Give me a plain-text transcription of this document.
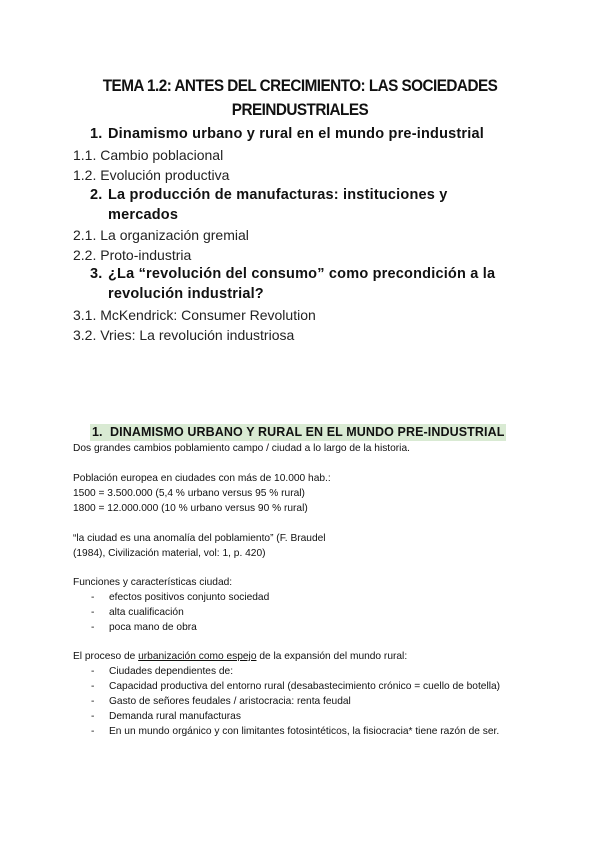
TEMA 1.2: ANTES DEL CRECIMIENTO: LAS SOCIEDADES
PREINDUSTRIALES
1. Dinamismo urbano y rural en el mundo pre-industrial
1.1. Cambio poblacional
1.2. Evolución productiva
2. La producción de manufacturas: instituciones y
mercados
2.1. La organización gremial
2.2. Proto-industria
3. ¿La “revolución del consumo” como precondición a la
revolución industrial?
3.1. McKendrick: Consumer Revolution
3.2. Vries: La revolución industriosa
1. DINAMISMO URBANO Y RURAL EN EL MUNDO PRE-INDUSTRIAL
Dos grandes cambios poblamiento campo / ciudad a lo largo de la historia.
Población europea en ciudades con más de 10.000 hab.:
1500 = 3.500.000 (5,4 % urbano versus 95 % rural)
1800 = 12.000.000 (10 % urbano versus 90 % rural)
“la ciudad es una anomalía del poblamiento” (F. Braudel
(1984), Civilización material, vol: 1, p. 420)
Funciones y características ciudad:
- efectos positivos conjunto sociedad
- alta cualificación
- poca mano de obra
El proceso de urbanización como espejo de la expansión del mundo rural:
- Ciudades dependientes de:
- Capacidad productiva del entorno rural (desabastecimiento crónico = cuello de botella)
- Gasto de señores feudales / aristocracia: renta feudal
- Demanda rural manufacturas
- En un mundo orgánico y con limitantes fotosintéticos, la fisiocracia* tiene razón de ser.
